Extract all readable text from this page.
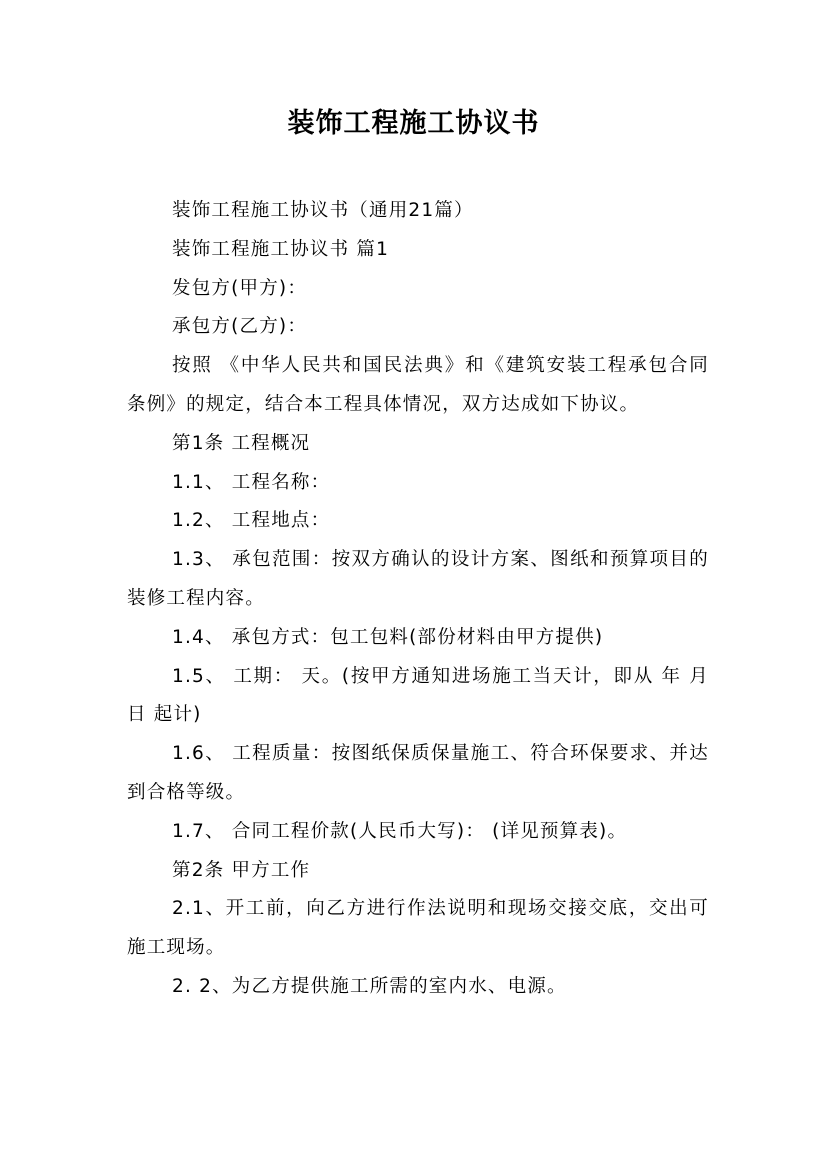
装饰工程施工协议书

装饰工程施工协议书（通用21篇）

装饰工程施工协议书 篇1

发包方(甲方)：

承包方(乙方)：

按照 《中华人民共和国民法典》和《建筑安装工程承包合同条例》的规定，结合本工程具体情况，双方达成如下协议。

第1条 工程概况

1.1、 工程名称：

1.2、 工程地点：

1.3、 承包范围：按双方确认的设计方案、图纸和预算项目的装修工程内容。

1.4、 承包方式：包工包料(部份材料由甲方提供)

1.5、 工期： 天。(按甲方通知进场施工当天计，即从 年 月 日 起计)

1.6、 工程质量：按图纸保质保量施工、符合环保要求、并达到合格等级。

1.7、 合同工程价款(人民币大写)： (详见预算表)。

第2条 甲方工作

2.1、开工前，向乙方进行作法说明和现场交接交底，交出可施工现场。

2. 2、为乙方提供施工所需的室内水、电源。
